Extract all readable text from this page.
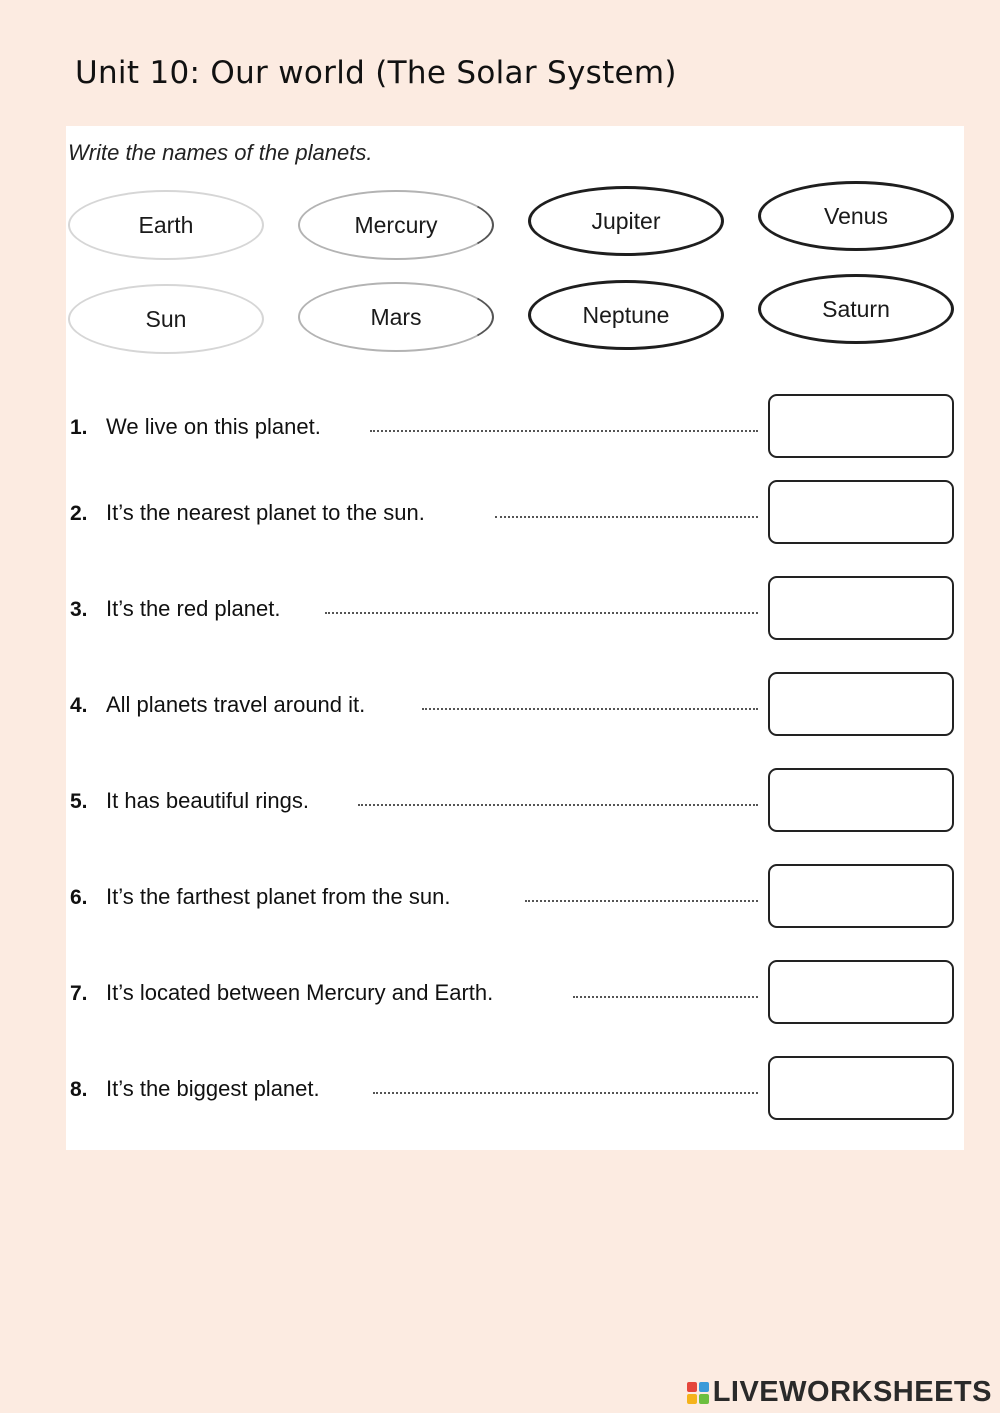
Unit 10: Our world (The Solar System)
Write the names of the planets.
Earth	Mercury	Jupiter	Venus
Sun	Mars	Neptune	Saturn
1. We live on this planet.
2. It’s the nearest planet to the sun.
3. It’s the red planet.
4. All planets travel around it.
5. It has beautiful rings.
6. It’s the farthest planet from the sun.
7. It’s located between Mercury and Earth.
8. It’s the biggest planet.
LIVEWORKSHEETS
